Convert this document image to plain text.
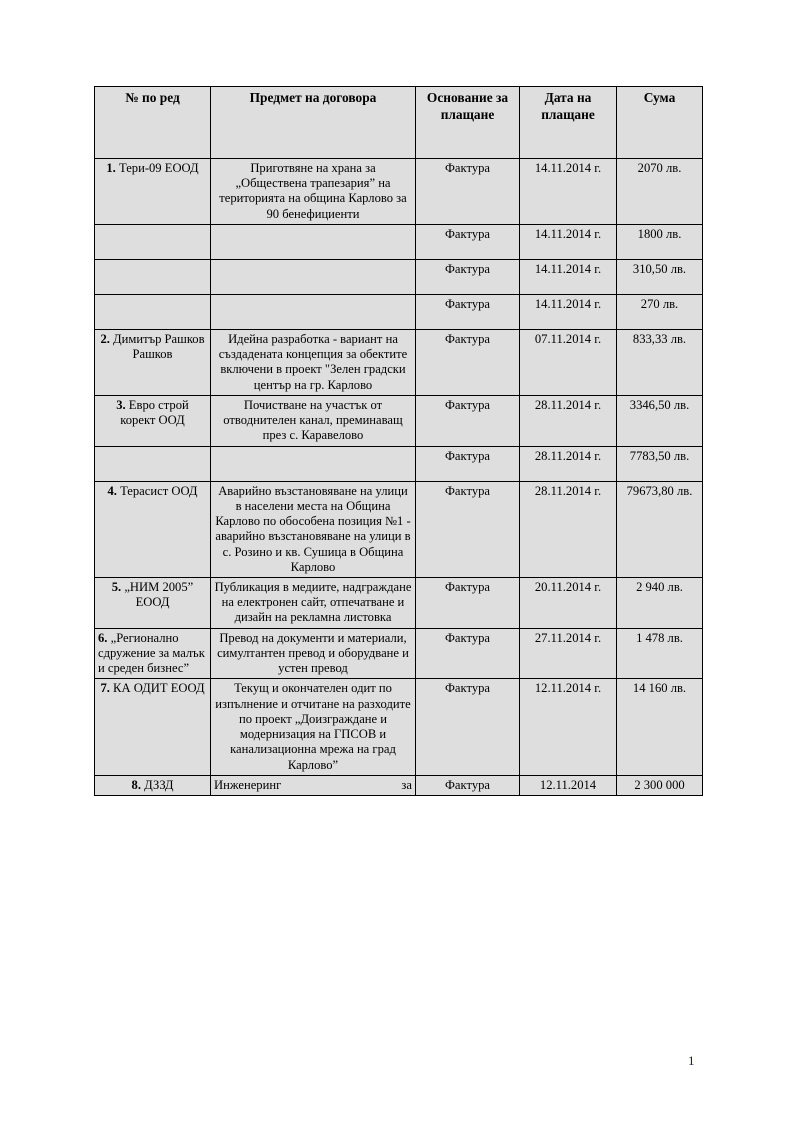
№ по ред	Предмет на договора	Основание за плащане	Дата на плащане	Сума
1. Тери-09 ЕООД	Приготвяне на храна за „Обществена трапезария” на територията на община Карлово за 90 бенефициенти	Фактура	14.11.2014 г.	2070 лв.
		Фактура	14.11.2014 г.	1800 лв.
		Фактура	14.11.2014 г.	310,50 лв.
		Фактура	14.11.2014 г.	270 лв.
2. Димитър Рашков Рашков	Идейна разработка - вариант на създадената концепция за обектите включени в проект "Зелен градски център на гр. Карлово	Фактура	07.11.2014 г.	833,33 лв.
3. Евро строй корект ООД	Почистване на участък от отводнителен канал, преминаващ през с. Каравелово	Фактура	28.11.2014 г.	3346,50 лв.
		Фактура	28.11.2014 г.	7783,50 лв.
4. Терасист ООД	Аварийно възстановяване на улици в населени места на Община Карлово по обособена позиция №1 - аварийно възстановяване на улици в с. Розино и кв. Сушица в Община Карлово	Фактура	28.11.2014 г.	79673,80 лв.
5. „НИМ 2005” ЕООД	Публикация в медиите, надграждане на електронен сайт, отпечатване и дизайн на рекламна листовка	Фактура	20.11.2014 г.	2 940 лв.
6. „Регионално сдружение за малък и среден бизнес”	Превод на документи и материали, симултантен превод и оборудване и устен превод	Фактура	27.11.2014 г.	1 478 лв.
7. КА ОДИТ ЕООД	Текущ и окончателен одит по изпълнение и отчитане на разходите по проект „Доизграждане и модернизация на ГПСОВ и канализационна мрежа на град Карлово”	Фактура	12.11.2014 г.	14 160 лв.
8. ДЗЗД	Инженеринг за	Фактура	12.11.2014	2 300 000
1
